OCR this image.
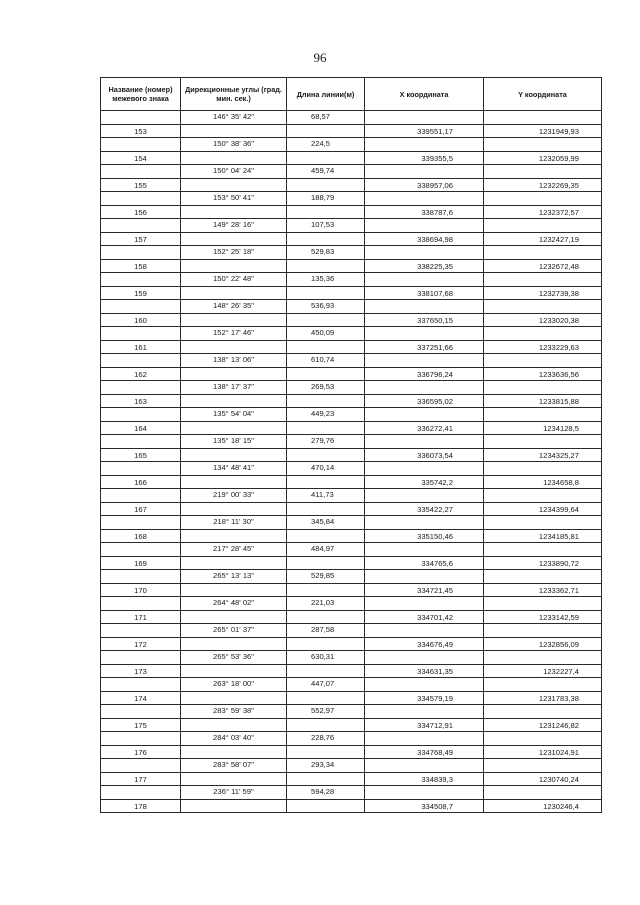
96
Название (номер) межевого знака	Дирекционные углы (град. мин. сек.)	Длина линии(м)	X координата	Y координата
	146° 35' 42"	68,57		
153			339551,17	1231949,93
	150° 38' 36"	224,5		
154			339355,5	1232059,99
	150° 04' 24"	459,74		
155			338957,06	1232269,35
	153° 50' 41"	188,79		
156			338787,6	1232372,57
	149° 28' 16"	107,53		
157			338694,98	1232427,19
	152° 25' 18"	529,83		
158			338225,35	1232672,48
	150° 22' 48"	135,36		
159			338107,68	1232739,38
	148° 26' 35"	536,93		
160			337650,15	1233020,38
	152° 17' 46"	450,09		
161			337251,66	1233229,63
	138° 13' 06"	610,74		
162			336796,24	1233636,56
	138° 17' 37"	269,53		
163			336595,02	1233815,88
	135° 54' 04"	449,23		
164			336272,41	1234128,5
	135° 18' 15"	279,76		
165			336073,54	1234325,27
	134° 48' 41"	470,14		
166			335742,2	1234658,8
	219° 00' 33"	411,73		
167			335422,27	1234399,64
	218° 11' 30"	345,84		
168			335150,46	1234185,81
	217° 28' 45"	484,97		
169			334765,6	1233890,72
	265° 13' 13"	529,85		
170			334721,45	1233362,71
	264° 48' 02"	221,03		
171			334701,42	1233142,59
	265° 01' 37"	287,58		
172			334676,49	1232856,09
	265° 53' 36"	630,31		
173			334631,35	1232227,4
	263° 18' 00"	447,07		
174			334579,19	1231783,38
	283° 59' 38"	552,97		
175			334712,91	1231246,82
	284° 03' 40"	228,76		
176			334768,49	1231024,91
	283° 58' 07"	293,34		
177			334839,3	1230740,24
	236° 11' 59"	594,28		
178			334508,7	1230246,4
